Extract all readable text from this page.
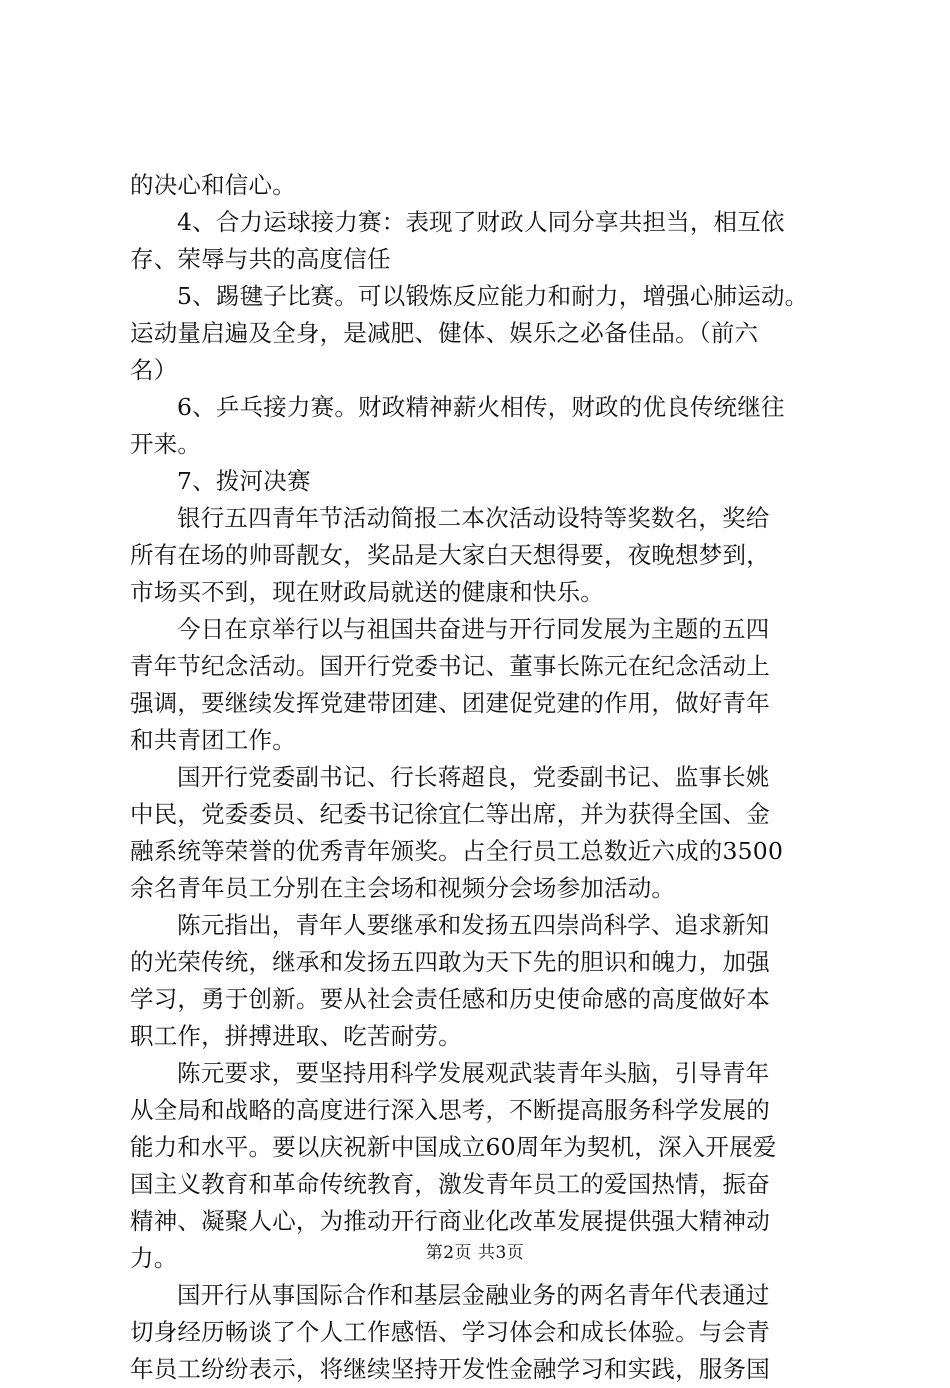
的决心和信心。
4、合力运球接力赛：表现了财政人同分享共担当，相互依
存、荣辱与共的高度信任
5、踢毽子比赛。可以锻炼反应能力和耐力，增强心肺运动。
运动量启遍及全身，是减肥、健体、娱乐之必备佳品。（前六
名）
6、乒乓接力赛。财政精神薪火相传，财政的优良传统继往
开来。
7、拨河决赛
银行五四青年节活动简报二本次活动设特等奖数名，奖给
所有在场的帅哥靓女，奖品是大家白天想得要，夜晚想梦到，
市场买不到，现在财政局就送的健康和快乐。
今日在京举行以与祖国共奋进与开行同发展为主题的五四
青年节纪念活动。国开行党委书记、董事长陈元在纪念活动上
强调，要继续发挥党建带团建、团建促党建的作用，做好青年
和共青团工作。
国开行党委副书记、行长蒋超良，党委副书记、监事长姚
中民，党委委员、纪委书记徐宜仁等出席，并为获得全国、金
融系统等荣誉的优秀青年颁奖。占全行员工总数近六成的3500
余名青年员工分别在主会场和视频分会场参加活动。
陈元指出，青年人要继承和发扬五四崇尚科学、追求新知
的光荣传统，继承和发扬五四敢为天下先的胆识和魄力，加强
学习，勇于创新。要从社会责任感和历史使命感的高度做好本
职工作，拼搏进取、吃苦耐劳。
陈元要求，要坚持用科学发展观武装青年头脑，引导青年
从全局和战略的高度进行深入思考，不断提高服务科学发展的
能力和水平。要以庆祝新中国成立60周年为契机，深入开展爱
国主义教育和革命传统教育，激发青年员工的爱国热情，振奋
精神、凝聚人心，为推动开行商业化改革发展提供强大精神动
力。
国开行从事国际合作和基层金融业务的两名青年代表通过
切身经历畅谈了个人工作感悟、学习体会和成长体验。与会青
年员工纷纷表示，将继续坚持开发性金融学习和实践，服务国
第2页 共3页
